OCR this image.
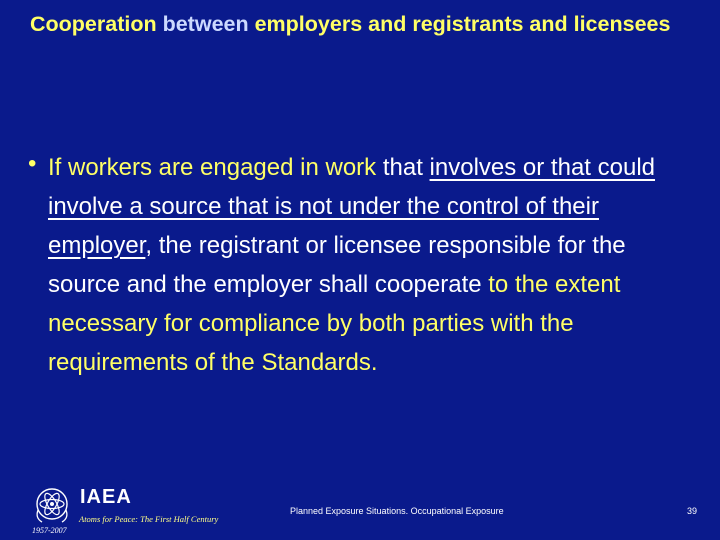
Cooperation between employers and registrants and licensees
• If workers are engaged in work that involves or that could involve a source that is not under the control of their employer, the registrant or licensee responsible for the source and the employer shall cooperate to the extent necessary for compliance by both parties with the requirements of the Standards.
IAEA
Atoms for Peace: The First Half Century
1957-2007
Planned Exposure Situations. Occupational Exposure	39
